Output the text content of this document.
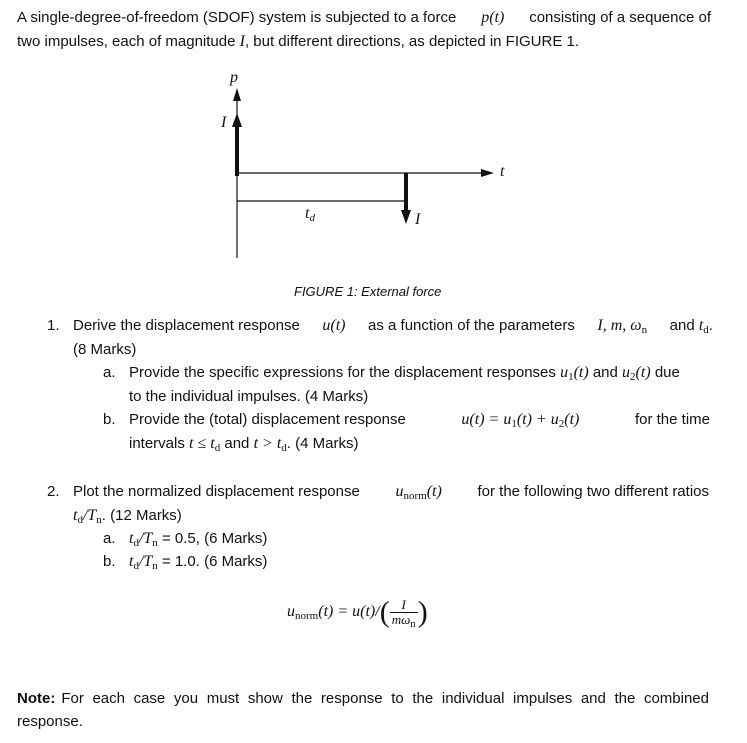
A single-degree-of-freedom (SDOF) system is subjected to a force p(t) consisting of a sequence of
two impulses, each of magnitude I, but different directions, as depicted in FIGURE 1.
p
t
I
I
$t_d$
FIGURE 1: External force
1. Derive the displacement response u(t) as a function of the parameters I, m, $\omega_n$ and $t_d$.
(8 Marks)
a. Provide the specific expressions for the displacement responses $u_1(t)$ and $u_2(t)$ due
to the individual impulses. (4 Marks)
b. Provide the (total) displacement response	$u(t) = u_1(t) + u_2(t)$	for the time
intervals $t \le t_d$ and $t > t_d$. (4 Marks)
2. Plot the normalized displacement response $u_{norm}(t)$ for the following two different ratios
$t_d/T_n$. (12 Marks)
a. $t_d/T_n = 0.5$, (6 Marks)
b. $t_d/T_n = 1.0$. (6 Marks)
$u_{norm}(t) = u(t)/( \frac{I}{m\omega_n}$ )
Note: For each case you must show the response to the individual impulses and the combined
response.
